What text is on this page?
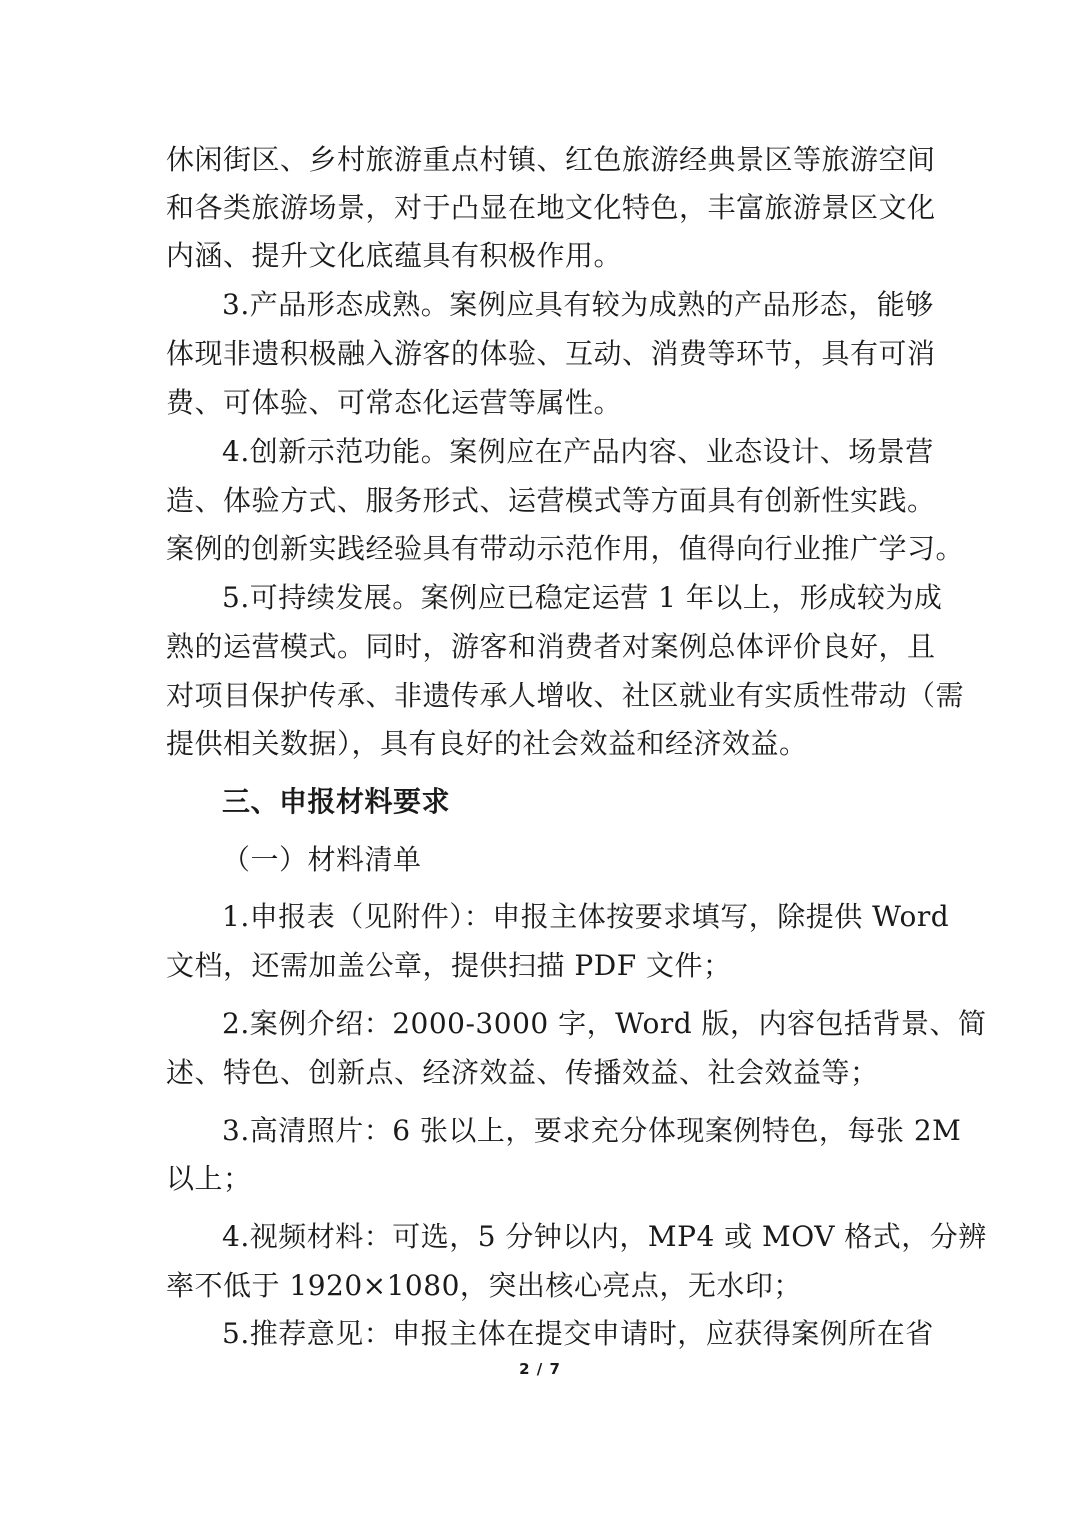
休闲街区、乡村旅游重点村镇、红色旅游经典景区等旅游空间
和各类旅游场景，对于凸显在地文化特色，丰富旅游景区文化
内涵、提升文化底蕴具有积极作用。
3.产品形态成熟。案例应具有较为成熟的产品形态，能够
体现非遗积极融入游客的体验、互动、消费等环节，具有可消
费、可体验、可常态化运营等属性。
4.创新示范功能。案例应在产品内容、业态设计、场景营
造、体验方式、服务形式、运营模式等方面具有创新性实践。
案例的创新实践经验具有带动示范作用，值得向行业推广学习。
5.可持续发展。案例应已稳定运营 1 年以上，形成较为成
熟的运营模式。同时，游客和消费者对案例总体评价良好，且
对项目保护传承、非遗传承人增收、社区就业有实质性带动（需
提供相关数据），具有良好的社会效益和经济效益。
三、申报材料要求
（一）材料清单
1.申报表（见附件）：申报主体按要求填写，除提供 Word
文档，还需加盖公章，提供扫描 PDF 文件；
2.案例介绍：2000-3000 字，Word 版，内容包括背景、简
述、特色、创新点、经济效益、传播效益、社会效益等；
3.高清照片：6 张以上，要求充分体现案例特色，每张 2M
以上；
4.视频材料：可选，5 分钟以内，MP4 或 MOV 格式，分辨
率不低于 1920×1080，突出核心亮点，无水印；
5.推荐意见：申报主体在提交申请时，应获得案例所在省
2 / 7
